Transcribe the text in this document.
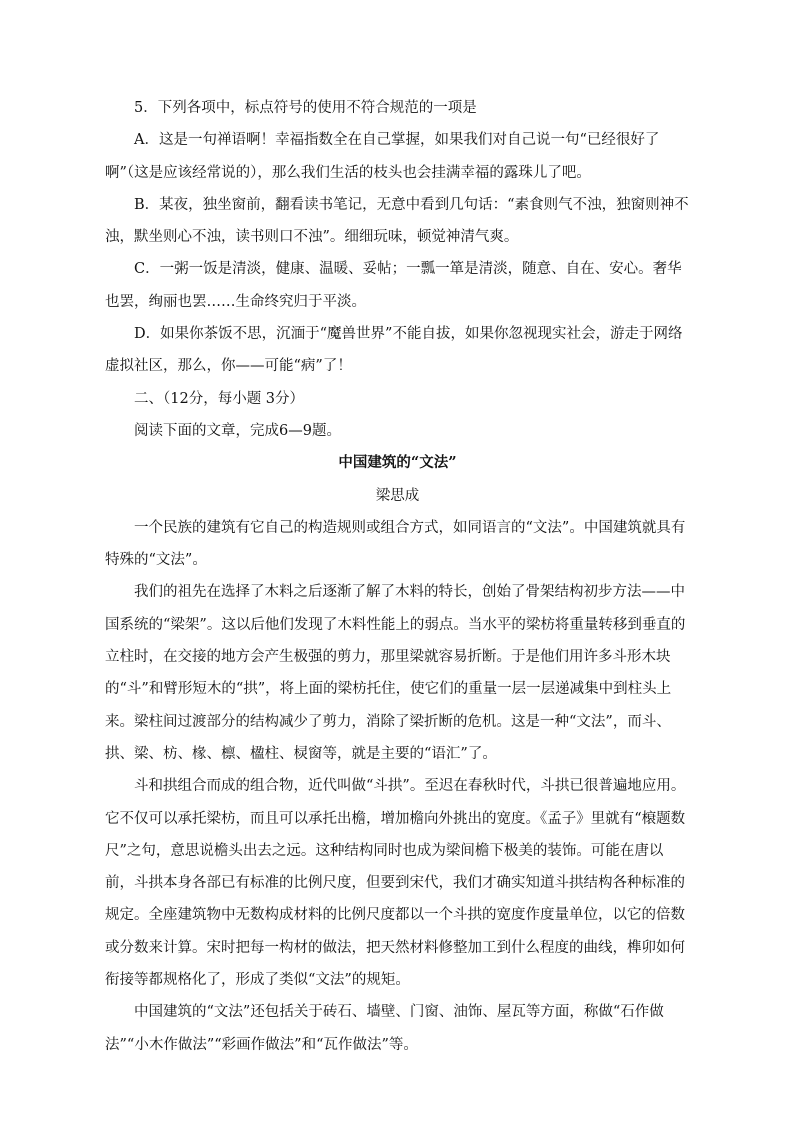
5．下列各项中，标点符号的使用不符合规范的一项是

A．这是一句禅语啊！幸福指数全在自己掌握，如果我们对自己说一句“已经很好了啊”（这是应该经常说的），那么我们生活的枝头也会挂满幸福的露珠儿了吧。

B．某夜，独坐窗前，翻看读书笔记，无意中看到几句话：“素食则气不浊，独窗则神不浊，默坐则心不浊，读书则口不浊”。细细玩味，顿觉神清气爽。

C．一粥一饭是清淡，健康、温暖、妥帖；一瓢一箪是清淡，随意、自在、安心。奢华也罢，绚丽也罢……生命终究归于平淡。

D．如果你茶饭不思，沉湎于“魔兽世界”不能自拔，如果你忽视现实社会，游走于网络虚拟社区，那么，你——可能“病”了！

二、（12分，每小题 3分）

阅读下面的文章，完成6—9题。

中国建筑的“文法”

梁思成

一个民族的建筑有它自己的构造规则或组合方式，如同语言的“文法”。中国建筑就具有特殊的“文法”。

我们的祖先在选择了木料之后逐渐了解了木料的特长，创始了骨架结构初步方法——中国系统的“梁架”。这以后他们发现了木料性能上的弱点。当水平的梁枋将重量转移到垂直的立柱时，在交接的地方会产生极强的剪力，那里梁就容易折断。于是他们用许多斗形木块的“斗”和臂形短木的“拱”，将上面的梁枋托住，使它们的重量一层一层递减集中到柱头上来。梁柱间过渡部分的结构减少了剪力，消除了梁折断的危机。这是一种“文法”，而斗、拱、梁、枋、椽、檩、楹柱、棂窗等，就是主要的“语汇”了。

斗和拱组合而成的组合物，近代叫做“斗拱”。至迟在春秋时代，斗拱已很普遍地应用。它不仅可以承托梁枋，而且可以承托出檐，增加檐向外挑出的宽度。《孟子》里就有“榱题数尺”之句，意思说檐头出去之远。这种结构同时也成为梁间檐下极美的装饰。可能在唐以前，斗拱本身各部已有标准的比例尺度，但要到宋代，我们才确实知道斗拱结构各种标准的规定。全座建筑物中无数构成材料的比例尺度都以一个斗拱的宽度作度量单位，以它的倍数或分数来计算。宋时把每一构材的做法，把天然材料修整加工到什么程度的曲线，榫卯如何衔接等都规格化了，形成了类似“文法”的规矩。

中国建筑的“文法”还包括关于砖石、墙壁、门窗、油饰、屋瓦等方面，称做“石作做法”“小木作做法”“彩画作做法”和“瓦作做法”等。
